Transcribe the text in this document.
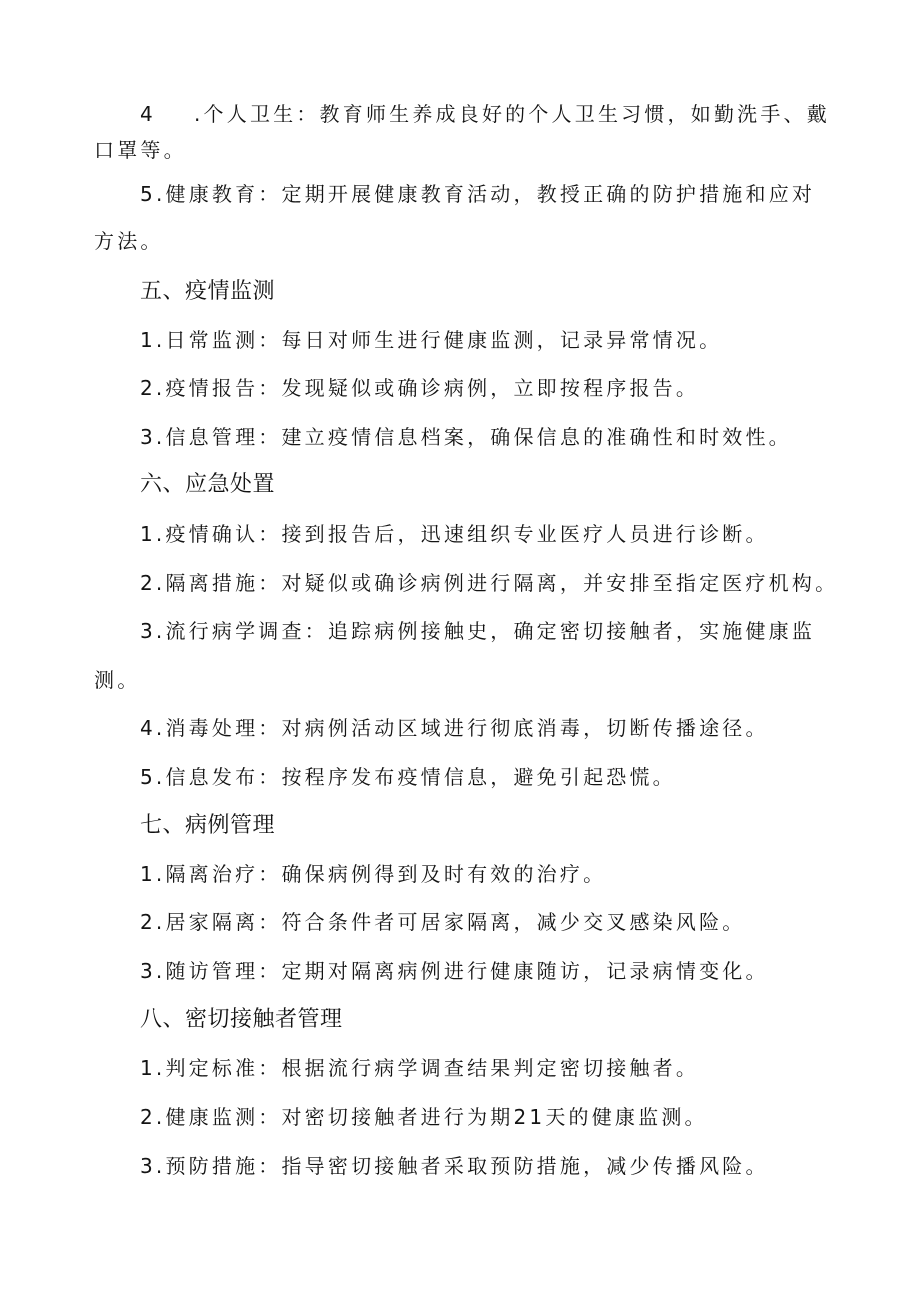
4 .个人卫生：教育师生养成良好的个人卫生习惯，如勤洗手、戴
口罩等。
5.健康教育：定期开展健康教育活动，教授正确的防护措施和应对
方法。
五、疫情监测
1.日常监测：每日对师生进行健康监测，记录异常情况。
2.疫情报告：发现疑似或确诊病例，立即按程序报告。
3.信息管理：建立疫情信息档案，确保信息的准确性和时效性。
六、应急处置
1.疫情确认：接到报告后，迅速组织专业医疗人员进行诊断。
2.隔离措施：对疑似或确诊病例进行隔离，并安排至指定医疗机构。
3.流行病学调查：追踪病例接触史，确定密切接触者，实施健康监
测。
4.消毒处理：对病例活动区域进行彻底消毒，切断传播途径。
5.信息发布：按程序发布疫情信息，避免引起恐慌。
七、病例管理
1.隔离治疗：确保病例得到及时有效的治疗。
2.居家隔离：符合条件者可居家隔离，减少交叉感染风险。
3.随访管理：定期对隔离病例进行健康随访，记录病情变化。
八、密切接触者管理
1.判定标准：根据流行病学调查结果判定密切接触者。
2.健康监测：对密切接触者进行为期21天的健康监测。
3.预防措施：指导密切接触者采取预防措施，减少传播风险。
